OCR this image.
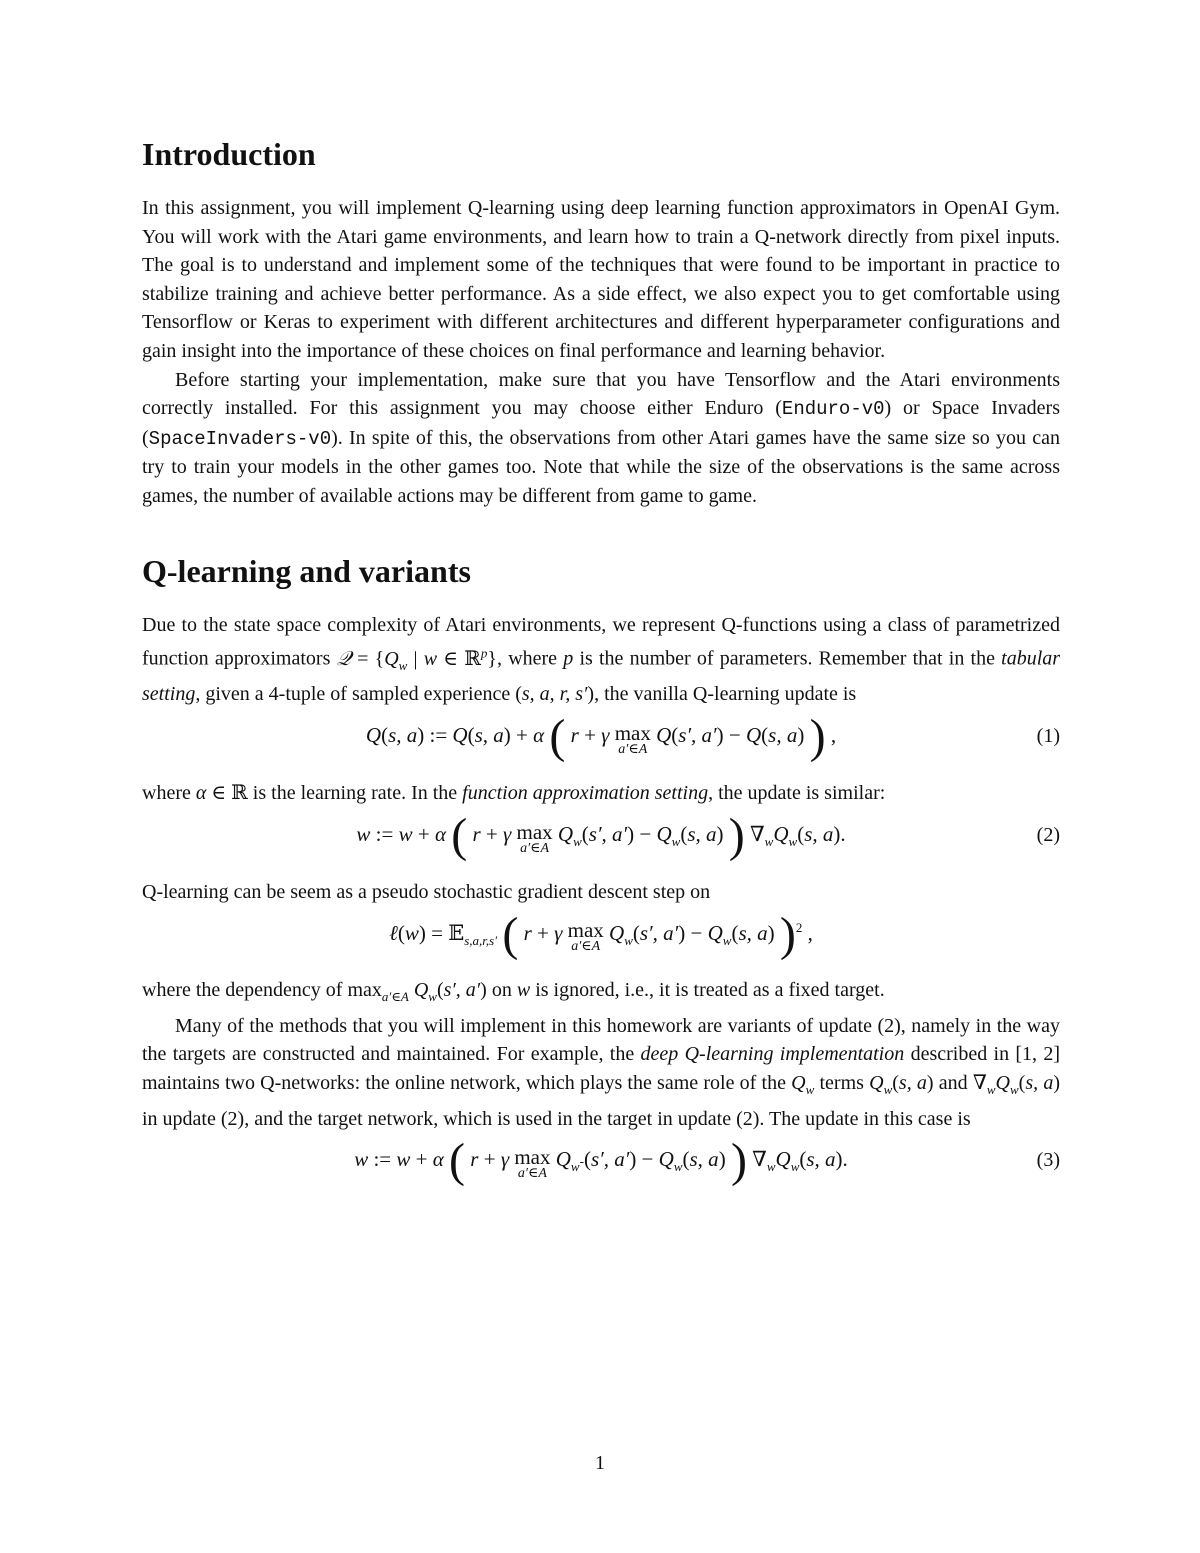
Introduction

In this assignment, you will implement Q-learning using deep learning function approximators in OpenAI Gym. You will work with the Atari game environments, and learn how to train a Q-network directly from pixel inputs. The goal is to understand and implement some of the techniques that were found to be important in practice to stabilize training and achieve better performance. As a side effect, we also expect you to get comfortable using Tensorflow or Keras to experiment with different architectures and different hyperparameter configurations and gain insight into the importance of these choices on final performance and learning behavior.

Before starting your implementation, make sure that you have Tensorflow and the Atari environments correctly installed. For this assignment you may choose either Enduro (Enduro-v0) or Space Invaders (SpaceInvaders-v0). In spite of this, the observations from other Atari games have the same size so you can try to train your models in the other games too. Note that while the size of the observations is the same across games, the number of available actions may be different from game to game.

Q-learning and variants

Due to the state space complexity of Atari environments, we represent Q-functions using a class of parametrized function approximators 𝒬 = {$Q_w$ | w ∈ ℝ$^p$}, where p is the number of parameters. Remember that in the tabular setting, given a 4-tuple of sampled experience (s, a, r, s′), the vanilla Q-learning update is

Q(s, a) := Q(s, a) + α ( r + γ max
a′∈A
Q(s′, a′) − Q(s, a) ) ,	(1)

where α ∈ ℝ is the learning rate. In the function approximation setting, the update is similar:

w := w + α ( r + γ max
a′∈A
$Q_w(s'$, $a') - Q_w(s$, a) ) $\nabla_wQ_w(s$, a).	(2)

Q-learning can be seem as a pseudo stochastic gradient descent step on

ℓ(w) = 𝔼$_{s,a,r,s'}$ ( r + γ max
a′∈A
$Q_w(s'$, $a') - Q_w(s$, a) )$^2$ ,

where the dependency of $\max_{a'\in A} Q_w(s'$, a′) on w is ignored, i.e., it is treated as a fixed target.

Many of the methods that you will implement in this homework are variants of update (2), namely in the way the targets are constructed and maintained. For example, the deep Q-learning implementation described in [1, 2] maintains two Q-networks: the online network, which plays the same role of the $Q_w$ terms $Q_w(s$, a) and $\nabla_wQ_w(s$, a) in update (2), and the target network, which is used in the target in update (2). The update in this case is

w := w + α ( r + γ max
a′∈A
$Q_{w^-}(s'$, $a') - Q_w(s$, a) ) $\nabla_wQ_w(s$, a).	(3)
1
